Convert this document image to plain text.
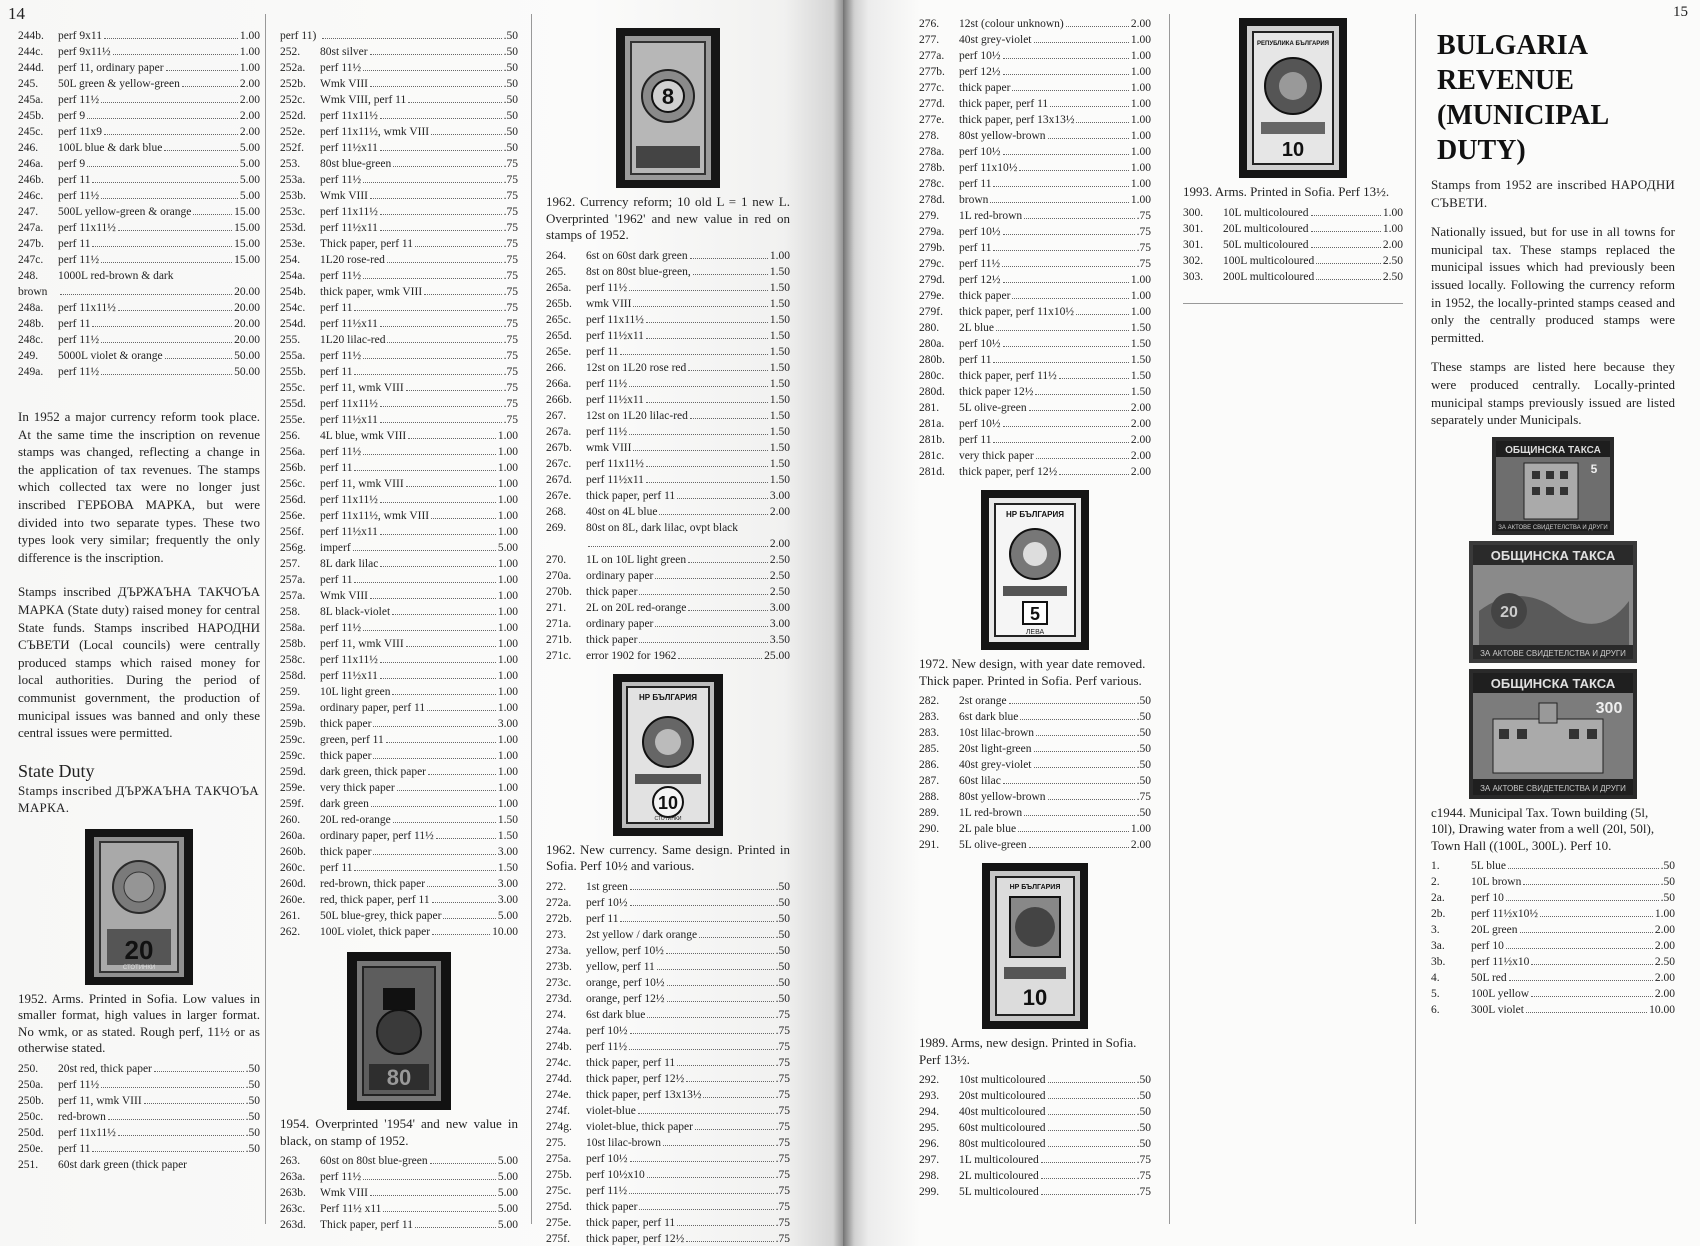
14
244b.	perf 9x11	1.00
244c.	perf 9x11½	1.00
244d.	perf 11, ordinary paper	1.00
245.	50L green & yellow-green	2.00
245a.	perf 11½	2.00
245b.	perf 9	2.00
245c.	perf 11x9	2.00
246.	100L blue & dark blue	5.00
246a.	perf 9	5.00
246b.	perf 11	5.00
246c.	perf 11½	5.00
247.	500L yellow-green & orange	15.00
247a.	perf 11x11½	15.00
247b.	perf 11	15.00
247c.	perf 11½	15.00
248.	1000L red-brown & dark
brown	20.00
248a.	perf 11x11½	20.00
248b.	perf 11	20.00
248c.	perf 11½	20.00
249.	5000L violet & orange	50.00
249a.	perf 11½	50.00
In 1952 a major currency reform took place. At the same time the inscription on revenue stamps was changed, reflecting a change in the application of tax revenues. The stamps which collected tax were no longer just inscribed ГЕРБОВА МАРКА, but were divided into two separate types. These two types look very similar; frequently the only difference is the inscription.
Stamps inscribed ДЪРЖАЪНА ТАКЧОЪА МАРКА (State duty) raised money for central State funds. Stamps inscribed НАРОДНИ СЪВЕТИ (Local councils) were centrally produced stamps which raised money for local authorities. During the period of communist government, the production of municipal issues was banned and only these central issues were permitted.
State Duty
Stamps inscribed ДЪРЖАЪНА ТАКЧОЪА МАРКА.
20
СТОТИНКИ
1952. Arms. Printed in Sofia. Low values in smaller format, high values in larger format. No wmk, or as stated. Rough perf, 11½ or as otherwise stated.
250.	20st red, thick paper	.50
250a.	perf 11½	.50
250b.	perf 11, wmk VIII	.50
250c.	red-brown	.50
250d.	perf 11x11½	.50
250e.	perf 11	.50
251.	60st dark green (thick paper
perf 11)	.50
252.	80st silver	.50
252a.	perf 11½	.50
252b.	Wmk VIII	.50
252c.	Wmk VIII, perf 11	.50
252d.	perf 11x11½	.50
252e.	perf 11x11½, wmk VIII	.50
252f.	perf 11½x11	.50
253.	80st blue-green	.75
253a.	perf 11½	.75
253b.	Wmk VIII	.75
253c.	perf 11x11½	.75
253d.	perf 11½x11	.75
253e.	Thick paper, perf 11	.75
254.	1L20 rose-red	.75
254a.	perf 11½	.75
254b.	thick paper, wmk VIII	.75
254c.	perf 11	.75
254d.	perf 11½x11	.75
255.	1L20 lilac-red	.75
255a.	perf 11½	.75
255b.	perf 11	.75
255c.	perf 11, wmk VIII	.75
255d.	perf 11x11½	.75
255e.	perf 11½x11	.75
256.	4L blue, wmk VIII	1.00
256a.	perf 11½	1.00
256b.	perf 11	1.00
256c.	perf 11, wmk VIII	1.00
256d.	perf 11x11½	1.00
256e.	perf 11x11½, wmk VIII	1.00
256f.	perf 11½x11	1.00
256g.	imperf	5.00
257.	8L dark lilac	1.00
257a.	perf 11	1.00
257a.	Wmk VIII	1.00
258.	8L black-violet	1.00
258a.	perf 11½	1.00
258b.	perf 11, wmk VIII	1.00
258c.	perf 11x11½	1.00
258d.	perf 11½x11	1.00
259.	10L light green	1.00
259a.	ordinary paper, perf 11	1.00
259b.	thick paper	3.00
259c.	green, perf 11	1.00
259c.	thick paper	1.00
259d.	dark green, thick paper	1.00
259e.	very thick paper	1.00
259f.	dark green	1.00
260.	20L red-orange	1.50
260a.	ordinary paper, perf 11½	1.50
260b.	thick paper	3.00
260c.	perf 11	1.50
260d.	red-brown, thick paper	3.00
260e.	red, thick paper, perf 11	3.00
261.	50L blue-grey, thick paper	5.00
262.	100L violet, thick paper	10.00
80
1954. Overprinted '1954' and new value in black, on stamp of 1952.
263.	60st on 80st blue-green	5.00
263a.	perf 11½	5.00
263b.	Wmk VIII	5.00
263c.	Perf 11½ x11	5.00
263d.	Thick paper, perf 11	5.00
8
1962. Currency reform; 10 old L = 1 new L. Overprinted '1962' and new value in red on stamps of 1952.
264.	6st on 60st dark green	1.00
265.	8st on 80st blue-green,	1.50
265a.	perf 11½	1.50
265b.	wmk VIII	1.50
265c.	perf 11x11½	1.50
265d.	perf 11½x11	1.50
265e.	perf 11	1.50
266.	12st on 1L20 rose red	1.50
266a.	perf 11½	1.50
266b.	perf 11½x11	1.50
267.	12st on 1L20 lilac-red	1.50
267a.	perf 11½	1.50
267b.	wmk VIII	1.50
267c.	perf 11x11½	1.50
267d.	perf 11½x11	1.50
267e.	thick paper, perf 11	3.00
268.	40st on 4L blue	2.00
269.	80st on 8L, dark lilac, ovpt black
2.00
270.	1L on 10L light green	2.50
270a.	ordinary paper	2.50
270b.	thick paper	2.50
271.	2L on 20L red-orange	3.00
271a.	ordinary paper	3.00
271b.	thick paper	3.50
271c.	error 1902 for 1962	25.00
НР БЪЛГАРИЯ
10
СТОТИНКИ
1962. New currency. Same design. Printed in Sofia. Perf 10½ and various.
272.	1st green	.50
272a.	perf 10½	.50
272b.	perf 11	.50
273.	2st yellow / dark orange	.50
273a.	yellow, perf 10½	.50
273b.	yellow, perf 11	.50
273c.	orange, perf 10½	.50
273d.	orange, perf 12½	.50
274.	6st dark blue	.75
274a.	perf 10½	.75
274b.	perf 11½	.75
274c.	thick paper, perf 11	.75
274d.	thick paper, perf 12½	.75
274e.	thick paper, perf 13x13½	.75
274f.	violet-blue	.75
274g.	violet-blue, thick paper	.75
275.	10st lilac-brown	.75
275a.	perf 10½	.75
275b.	perf 10½x10	.75
275c.	perf 11½	.75
275d.	thick paper	.75
275e.	thick paper, perf 11	.75
275f.	thick paper, perf 12½	.75
15
276.	12st (colour unknown)	2.00
277.	40st grey-violet	1.00
277a.	perf 10½	1.00
277b.	perf 12½	1.00
277c.	thick paper	1.00
277d.	thick paper, perf 11	1.00
277e.	thick paper, perf 13x13½	1.00
278.	80st yellow-brown	1.00
278a.	perf 10½	1.00
278b.	perf 11x10½	1.00
278c.	perf 11	1.00
278d.	brown	1.00
279.	1L red-brown	.75
279a.	perf 10½	.75
279b.	perf 11	.75
279c.	perf 11½	.75
279d.	perf 12½	1.00
279e.	thick paper	1.00
279f.	thick paper, perf 11x10½	1.00
280.	2L blue	1.50
280a.	perf 10½	1.50
280b.	perf 11	1.50
280c.	thick paper, perf 11½	1.50
280d.	thick paper 12½	1.50
281.	5L olive-green	2.00
281a.	perf 10½	2.00
281b.	perf 11	2.00
281c.	very thick paper	2.00
281d.	thick paper, perf 12½	2.00
НР БЪЛГАРИЯ
5
ЛЕВА
1972. New design, with year date removed. Thick paper. Printed in Sofia. Perf various.
282.	2st orange	.50
283.	6st dark blue	.50
283.	10st lilac-brown	.50
285.	20st light-green	.50
286.	40st grey-violet	.50
287.	60st lilac	.50
288.	80st yellow-brown	.75
289.	1L red-brown	.50
290.	2L pale blue	1.00
291.	5L olive-green	2.00
НР БЪЛГАРИЯ
10
1989. Arms, new design. Printed in Sofia. Perf 13½.
292.	10st multicoloured	.50
293.	20st multicoloured	.50
294.	40st multicoloured	.50
295.	60st multicoloured	.50
296.	80st multicoloured	.50
297.	1L multicoloured	.75
298.	2L multicoloured	.75
299.	5L multicoloured	.75
РЕПУБЛИКА БЪЛГАРИЯ
10
1993. Arms. Printed in Sofia. Perf 13½.
300.	10L multicoloured	1.00
301.	20L multicoloured	1.00
301.	50L multicoloured	2.00
302.	100L multicoloured	2.50
303.	200L multicoloured	2.50
BULGARIA REVENUE (MUNICIPAL DUTY)
Stamps from 1952 are inscribed НАРОДНИ СЪВЕТИ.
Nationally issued, but for use in all towns for municipal tax. These stamps replaced the municipal issues which had previously been issued locally. Following the currency reform in 1952, the locally-printed stamps ceased and only the centrally produced stamps were permitted.
These stamps are listed here because they were produced centrally. Locally-printed municipal stamps previously issued are listed separately under Municipals.
ОБЩИНСКА ТАКСА
5
ЗА АКТОВЕ СВИДЕТЕЛСТВА И ДРУГИ
ОБЩИНСКА ТАКСА
20
ЗА АКТОВЕ СВИДЕТЕЛСТВА И ДРУГИ
ОБЩИНСКА ТАКСА
300
ЗА АКТОВЕ СВИДЕТЕЛСТВА И ДРУГИ
c1944. Municipal Tax. Town building (5l, 10l), Drawing water from a well (20l, 50l), Town Hall ((100L, 300L). Perf 10.
1.	5L blue	.50
2.	10L brown	.50
2a.	perf 10	.50
2b.	perf 11½x10½	1.00
3.	20L green	2.00
3a.	perf 10	2.00
3b.	perf 11½x10	2.50
4.	50L red	2.00
5.	100L yellow	2.00
6.	300L violet	10.00
